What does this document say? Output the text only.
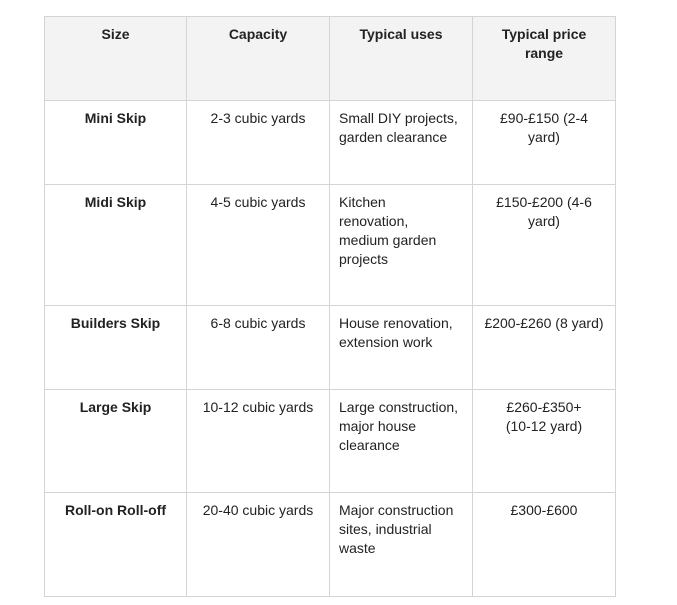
Size	Capacity	Typical uses	Typical price range

Mini Skip	2-3 cubic yards	Small DIY projects, garden clearance	£90-£150 (2-4 yard)

Midi Skip	4-5 cubic yards	Kitchen renovation, medium garden projects	£150-£200 (4-6 yard)

Builders Skip	6-8 cubic yards	House renovation, extension work	£200-£260 (8 yard)

Large Skip	10-12 cubic yards	Large construction, major house clearance	£260-£350+ (10-12 yard)

Roll-on Roll-off	20-40 cubic yards	Major construction sites, industrial waste	£300-£600
